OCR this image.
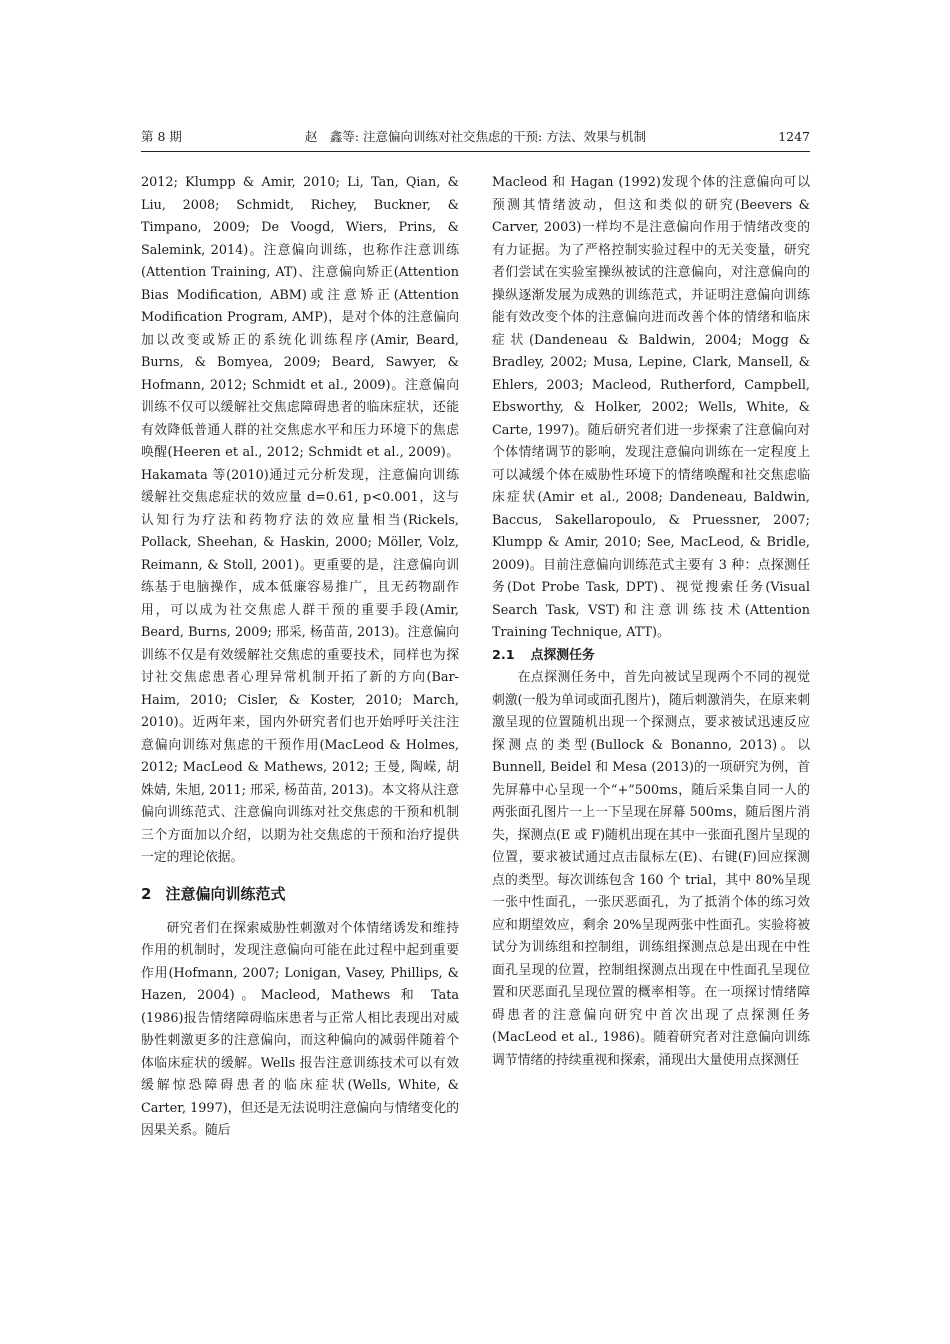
第 8 期	赵　鑫等: 注意偏向训练对社交焦虑的干预: 方法、效果与机制	1247

2012; Klumpp & Amir, 2010; Li, Tan, Qian, & Liu, 2008; Schmidt, Richey, Buckner, & Timpano, 2009; De Voogd, Wiers, Prins, & Salemink, 2014)。注意偏向训练，也称作注意训练(Attention Training, AT)、注意偏向矫正(Attention Bias Modification, ABM)或注意矫正(Attention Modification Program, AMP)，是对个体的注意偏向加以改变或矫正的系统化训练程序(Amir, Beard, Burns, & Bomyea, 2009; Beard, Sawyer, & Hofmann, 2012; Schmidt et al., 2009)。注意偏向训练不仅可以缓解社交焦虑障碍患者的临床症状，还能有效降低普通人群的社交焦虑水平和压力环境下的焦虑唤醒(Heeren et al., 2012; Schmidt et al., 2009)。Hakamata 等(2010)通过元分析发现，注意偏向训练缓解社交焦虑症状的效应量 d=0.61, p<0.001，这与认知行为疗法和药物疗法的效应量相当(Rickels, Pollack, Sheehan, & Haskin, 2000; Möller, Volz, Reimann, & Stoll, 2001)。更重要的是，注意偏向训练基于电脑操作，成本低廉容易推广，且无药物副作用，可以成为社交焦虑人群干预的重要手段(Amir, Beard, Burns, 2009; 邢采, 杨苗苗, 2013)。注意偏向训练不仅是有效缓解社交焦虑的重要技术，同样也为探讨社交焦虑患者心理异常机制开拓了新的方向(Bar-Haim, 2010; Cisler, & Koster, 2010; March, 2010)。近两年来，国内外研究者们也开始呼吁关注注意偏向训练对焦虑的干预作用(MacLeod & Holmes, 2012; MacLeod & Mathews, 2012; 王曼, 陶嵘, 胡姝婧, 朱旭, 2011; 邢采, 杨苗苗, 2013)。本文将从注意偏向训练范式、注意偏向训练对社交焦虑的干预和机制三个方面加以介绍，以期为社交焦虑的干预和治疗提供一定的理论依据。

2 注意偏向训练范式

研究者们在探索威胁性刺激对个体情绪诱发和维持作用的机制时，发现注意偏向可能在此过程中起到重要作用(Hofmann, 2007; Lonigan, Vasey, Phillips, & Hazen, 2004)。Macleod, Mathews 和 Tata (1986)报告情绪障碍临床患者与正常人相比表现出对威胁性刺激更多的注意偏向，而这种偏向的减弱伴随着个体临床症状的缓解。Wells 报告注意训练技术可以有效缓解惊恐障碍患者的临床症状(Wells, White, & Carter, 1997)，但还是无法说明注意偏向与情绪变化的因果关系。随后

Macleod 和 Hagan (1992)发现个体的注意偏向可以预测其情绪波动，但这和类似的研究(Beevers & Carver, 2003)一样均不是注意偏向作用于情绪改变的有力证据。为了严格控制实验过程中的无关变量，研究者们尝试在实验室操纵被试的注意偏向，对注意偏向的操纵逐渐发展为成熟的训练范式，并证明注意偏向训练能有效改变个体的注意偏向进而改善个体的情绪和临床症状(Dandeneau & Baldwin, 2004; Mogg & Bradley, 2002; Musa, Lepine, Clark, Mansell, & Ehlers, 2003; Macleod, Rutherford, Campbell, Ebsworthy, & Holker, 2002; Wells, White, & Carte, 1997)。随后研究者们进一步探索了注意偏向对个体情绪调节的影响，发现注意偏向训练在一定程度上可以减缓个体在威胁性环境下的情绪唤醒和社交焦虑临床症状(Amir et al., 2008; Dandeneau, Baldwin, Baccus, Sakellaropoulo, & Pruessner, 2007; Klumpp & Amir, 2010; See, MacLeod, & Bridle, 2009)。目前注意偏向训练范式主要有 3 种：点探测任务(Dot Probe Task, DPT)、视觉搜索任务(Visual Search Task, VST)和注意训练技术(Attention Training Technique, ATT)。

2.1 点探测任务

在点探测任务中，首先向被试呈现两个不同的视觉刺激(一般为单词或面孔图片)，随后刺激消失，在原来刺激呈现的位置随机出现一个探测点，要求被试迅速反应探测点的类型(Bullock & Bonanno, 2013)。以 Bunnell, Beidel 和 Mesa (2013)的一项研究为例，首先屏幕中心呈现一个“+”500ms，随后采集自同一人的两张面孔图片一上一下呈现在屏幕 500ms，随后图片消失，探测点(E 或 F)随机出现在其中一张面孔图片呈现的位置，要求被试通过点击鼠标左(E)、右键(F)回应探测点的类型。每次训练包含 160 个 trial，其中 80%呈现一张中性面孔，一张厌恶面孔，为了抵消个体的练习效应和期望效应，剩余 20%呈现两张中性面孔。实验将被试分为训练组和控制组，训练组探测点总是出现在中性面孔呈现的位置，控制组探测点出现在中性面孔呈现位置和厌恶面孔呈现位置的概率相等。在一项探讨情绪障碍患者的注意偏向研究中首次出现了点探测任务(MacLeod et al., 1986)。随着研究者对注意偏向训练调节情绪的持续重视和探索，涌现出大量使用点探测任
